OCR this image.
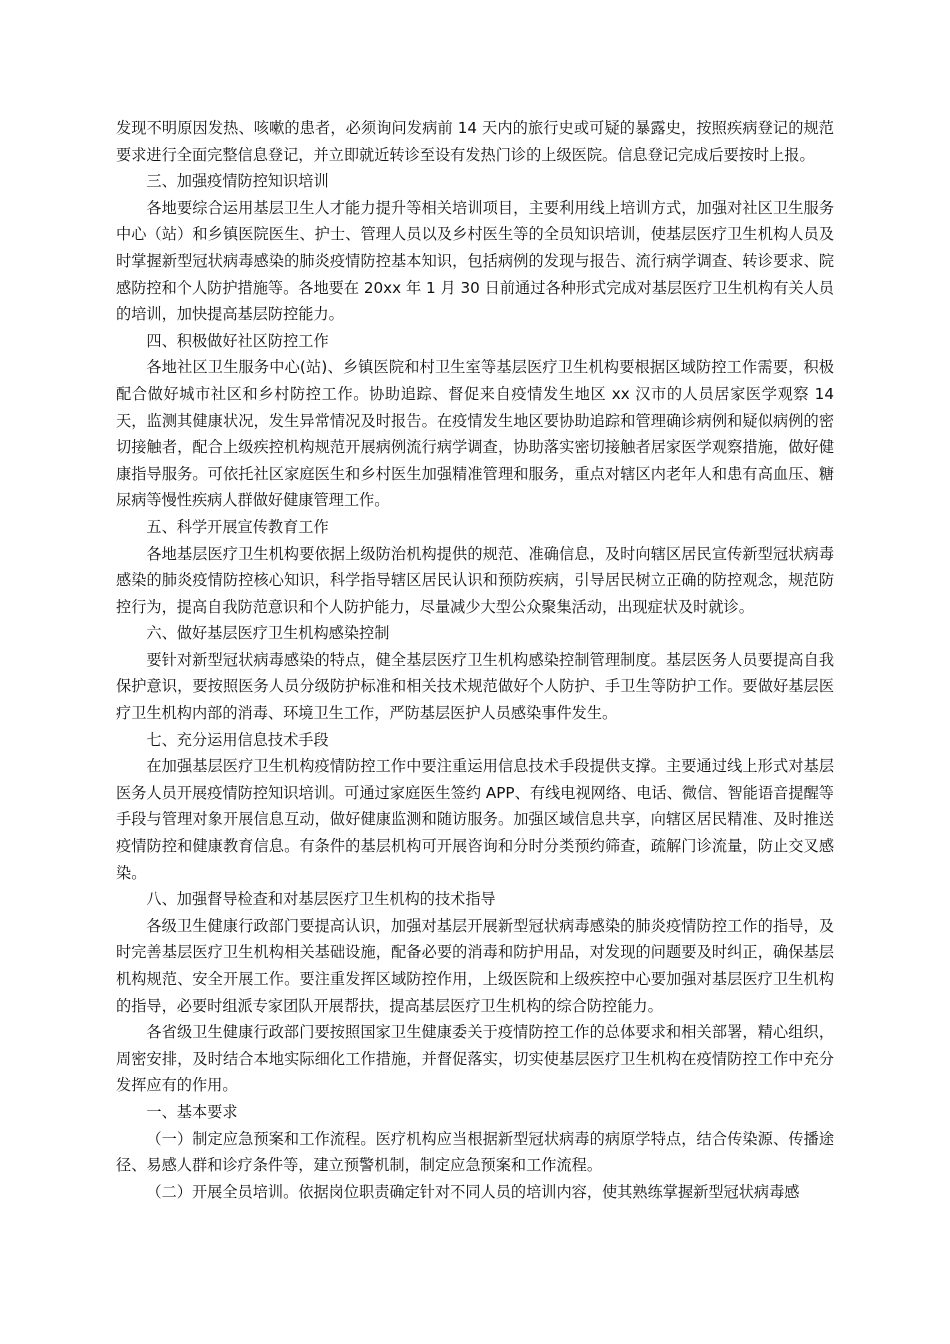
发现不明原因发热、咳嗽的患者，必须询问发病前 14 天内的旅行史或可疑的暴露史，按照疾病登记的规范要求进行全面完整信息登记，并立即就近转诊至设有发热门诊的上级医院。信息登记完成后要按时上报。

三、加强疫情防控知识培训

各地要综合运用基层卫生人才能力提升等相关培训项目，主要利用线上培训方式，加强对社区卫生服务中心（站）和乡镇医院医生、护士、管理人员以及乡村医生等的全员知识培训，使基层医疗卫生机构人员及时掌握新型冠状病毒感染的肺炎疫情防控基本知识，包括病例的发现与报告、流行病学调查、转诊要求、院感防控和个人防护措施等。各地要在 20xx 年 1 月 30 日前通过各种形式完成对基层医疗卫生机构有关人员的培训，加快提高基层防控能力。

四、积极做好社区防控工作

各地社区卫生服务中心(站)、乡镇医院和村卫生室等基层医疗卫生机构要根据区域防控工作需要，积极配合做好城市社区和乡村防控工作。协助追踪、督促来自疫情发生地区 xx 汉市的人员居家医学观察 14 天，监测其健康状况，发生异常情况及时报告。在疫情发生地区要协助追踪和管理确诊病例和疑似病例的密切接触者，配合上级疾控机构规范开展病例流行病学调查，协助落实密切接触者居家医学观察措施，做好健康指导服务。可依托社区家庭医生和乡村医生加强精准管理和服务，重点对辖区内老年人和患有高血压、糖尿病等慢性疾病人群做好健康管理工作。

五、科学开展宣传教育工作

各地基层医疗卫生机构要依据上级防治机构提供的规范、准确信息，及时向辖区居民宣传新型冠状病毒感染的肺炎疫情防控核心知识，科学指导辖区居民认识和预防疾病，引导居民树立正确的防控观念，规范防控行为，提高自我防范意识和个人防护能力，尽量减少大型公众聚集活动，出现症状及时就诊。

六、做好基层医疗卫生机构感染控制

要针对新型冠状病毒感染的特点，健全基层医疗卫生机构感染控制管理制度。基层医务人员要提高自我保护意识，要按照医务人员分级防护标准和相关技术规范做好个人防护、手卫生等防护工作。要做好基层医疗卫生机构内部的消毒、环境卫生工作，严防基层医护人员感染事件发生。

七、充分运用信息技术手段

在加强基层医疗卫生机构疫情防控工作中要注重运用信息技术手段提供支撑。主要通过线上形式对基层医务人员开展疫情防控知识培训。可通过家庭医生签约 APP、有线电视网络、电话、微信、智能语音提醒等手段与管理对象开展信息互动，做好健康监测和随访服务。加强区域信息共享，向辖区居民精准、及时推送疫情防控和健康教育信息。有条件的基层机构可开展咨询和分时分类预约筛查，疏解门诊流量，防止交叉感染。

八、加强督导检查和对基层医疗卫生机构的技术指导

各级卫生健康行政部门要提高认识，加强对基层开展新型冠状病毒感染的肺炎疫情防控工作的指导，及时完善基层医疗卫生机构相关基础设施，配备必要的消毒和防护用品，对发现的问题要及时纠正，确保基层机构规范、安全开展工作。要注重发挥区域防控作用，上级医院和上级疾控中心要加强对基层医疗卫生机构的指导，必要时组派专家团队开展帮扶，提高基层医疗卫生机构的综合防控能力。

各省级卫生健康行政部门要按照国家卫生健康委关于疫情防控工作的总体要求和相关部署，精心组织，周密安排，及时结合本地实际细化工作措施，并督促落实，切实使基层医疗卫生机构在疫情防控工作中充分发挥应有的作用。

一、基本要求

（一）制定应急预案和工作流程。医疗机构应当根据新型冠状病毒的病原学特点，结合传染源、传播途径、易感人群和诊疗条件等，建立预警机制，制定应急预案和工作流程。

（二）开展全员培训。依据岗位职责确定针对不同人员的培训内容，使其熟练掌握新型冠状病毒感
